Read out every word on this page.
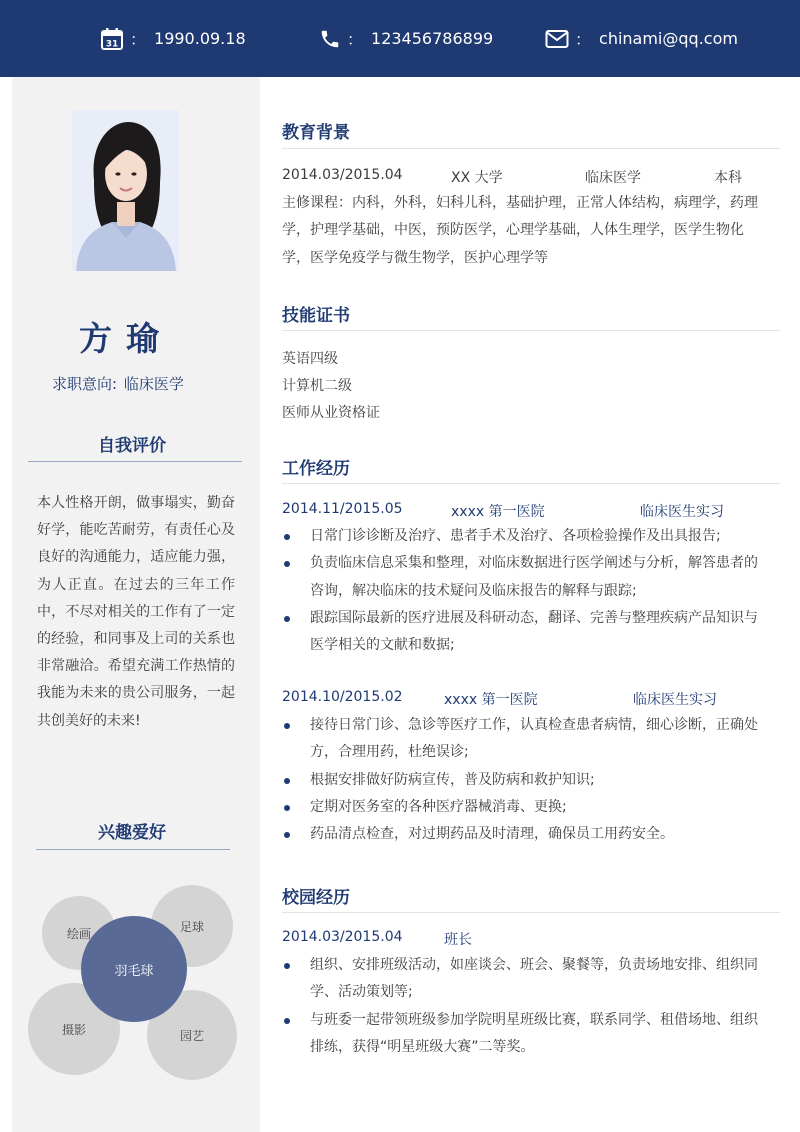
31 ： 1990.09.18	： 123456786899	： chinami@qq.com
方瑜
求职意向: 临床医学
自我评价
本人性格开朗，做事塌实，勤奋好学，能吃苦耐劳，有责任心及良好的沟通能力，适应能力强，为人正直。在过去的三年工作中，不尽对相关的工作有了一定的经验，和同事及上司的关系也非常融洽。希望充满工作热情的我能为未来的贵公司服务，一起共创美好的未来!
兴趣爱好
绘画	足球
摄影	园艺
羽毛球
教育背景
2014.03/2015.04	XX 大学	临床医学	本科
主修课程：内科，外科，妇科儿科，基础护理，正常人体结构，病理学，药理学，护理学基础，中医，预防医学，心理学基础，人体生理学，医学生物化学，医学免疫学与微生物学，医护心理学等
技能证书
英语四级
计算机二级
医师从业资格证
工作经历
2014.11/2015.05	xxxx 第一医院	临床医生实习
日常门诊诊断及治疗、患者手术及治疗、各项检验操作及出具报告;
负责临床信息采集和整理，对临床数据进行医学阐述与分析，解答患者的咨询，解决临床的技术疑问及临床报告的解释与跟踪;
跟踪国际最新的医疗进展及科研动态，翻译、完善与整理疾病产品知识与医学相关的文献和数据;
2014.10/2015.02	xxxx 第一医院	临床医生实习
接待日常门诊、急诊等医疗工作，认真检查患者病情，细心诊断，正确处方，合理用药，杜绝误诊;
根据安排做好防病宣传，普及防病和救护知识;
定期对医务室的各种医疗器械消毒、更换;
药品清点检查，对过期药品及时清理，确保员工用药安全。
校园经历
2014.03/2015.04	班长
组织、安排班级活动，如座谈会、班会、聚餐等，负责场地安排、组织同学、活动策划等;
与班委一起带领班级参加学院明星班级比赛，联系同学、租借场地、组织排练，获得“明星班级大赛”二等奖。
